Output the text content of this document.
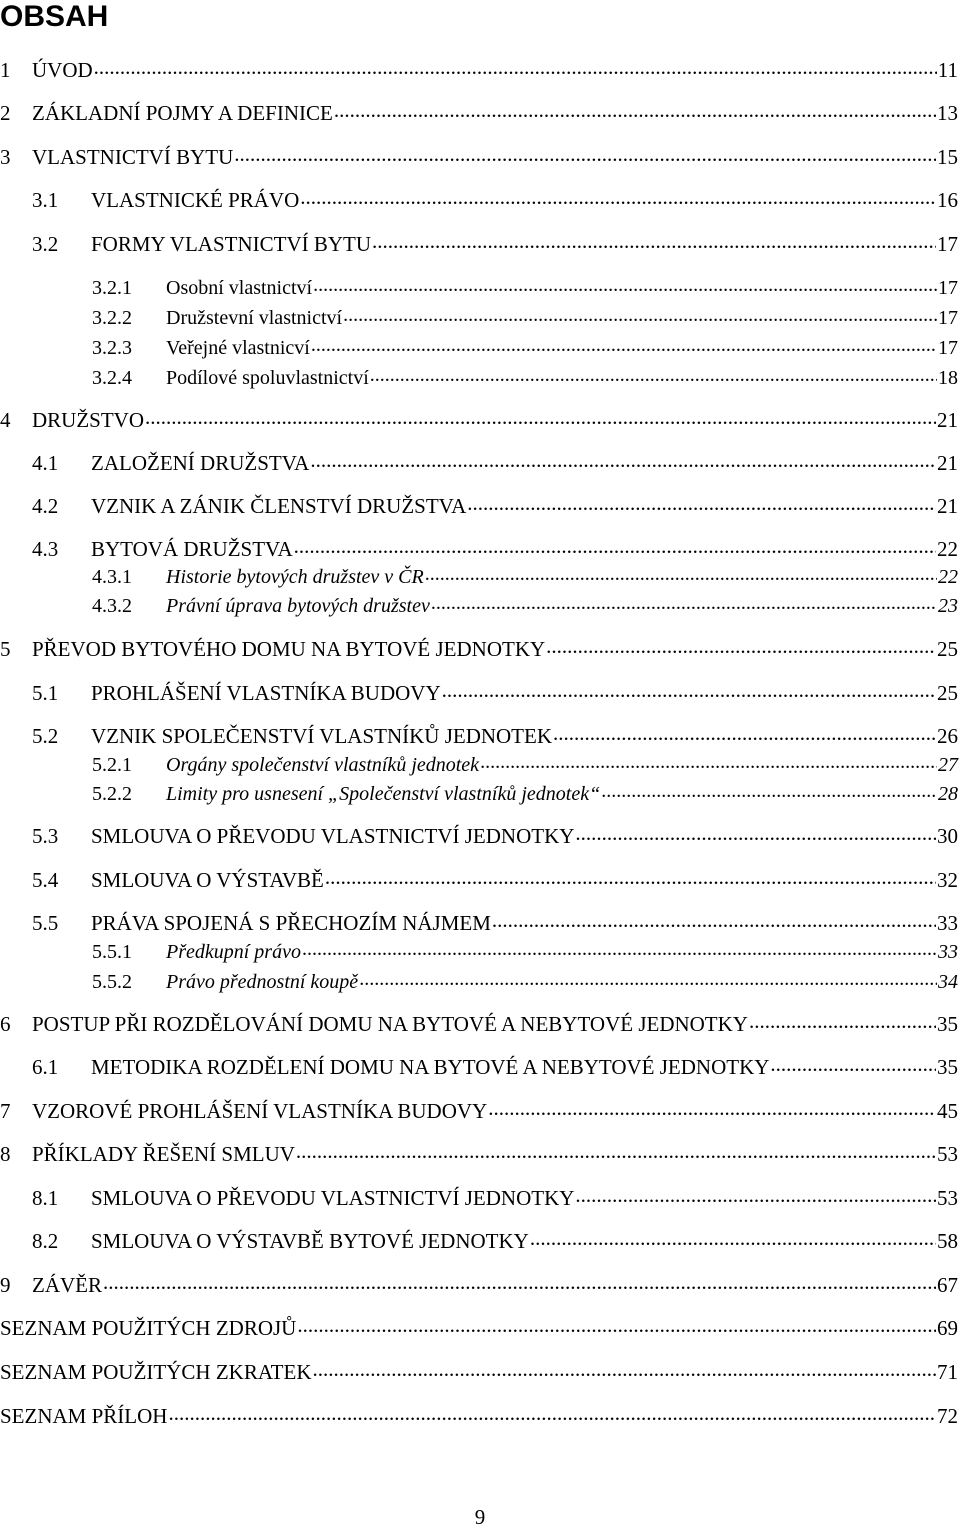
OBSAH
1	ÚVOD .....	11
2	ZÁKLADNÍ POJMY A DEFINICE .....	13
3	VLASTNICTVÍ BYTU .....	15
3.1	VLASTNICKÉ PRÁVO .....	16
3.2	FORMY VLASTNICTVÍ BYTU .....	17
3.2.1	Osobní vlastnictví .....	17
3.2.2	Družstevní vlastnictví .....	17
3.2.3	Veřejné vlastnicví .....	17
3.2.4	Podílové spoluvlastnictví .....	18
4	DRUŽSTVO .....	21
4.1	ZALOŽENÍ DRUŽSTVA .....	21
4.2	VZNIK A ZÁNIK ČLENSTVÍ DRUŽSTVA .....	21
4.3	BYTOVÁ DRUŽSTVA .....	22
4.3.1	Historie bytových družstev v ČR .....	22
4.3.2	Právní úprava bytových družstev .....	23
5	PŘEVOD BYTOVÉHO DOMU NA BYTOVÉ JEDNOTKY .....	25
5.1	PROHLÁŠENÍ VLASTNÍKA BUDOVY .....	25
5.2	VZNIK SPOLEČENSTVÍ VLASTNÍKŮ JEDNOTEK .....	26
5.2.1	Orgány společenství vlastníků jednotek .....	27
5.2.2	Limity pro usnesení „Společenství vlastníků jednotek“ .....	28
5.3	SMLOUVA O PŘEVODU VLASTNICTVÍ JEDNOTKY .....	30
5.4	SMLOUVA O VÝSTAVBĚ .....	32
5.5	PRÁVA SPOJENÁ S PŘECHOZÍM NÁJMEM .....	33
5.5.1	Předkupní právo .....	33
5.5.2	Právo přednostní koupě .....	34
6	POSTUP PŘI ROZDĚLOVÁNÍ DOMU NA BYTOVÉ A NEBYTOVÉ JEDNOTKY .....	35
6.1	METODIKA ROZDĚLENÍ DOMU NA BYTOVÉ A NEBYTOVÉ JEDNOTKY .....	35
7	VZOROVÉ PROHLÁŠENÍ VLASTNÍKA BUDOVY .....	45
8	PŘÍKLADY ŘEŠENÍ SMLUV .....	53
8.1	SMLOUVA O PŘEVODU VLASTNICTVÍ JEDNOTKY .....	53
8.2	SMLOUVA O VÝSTAVBĚ BYTOVÉ JEDNOTKY .....	58
9	ZÁVĚR .....	67
SEZNAM POUŽITÝCH ZDROJŮ .....	69
SEZNAM POUŽITÝCH ZKRATEK .....	71
SEZNAM PŘÍLOH .....	72
9
